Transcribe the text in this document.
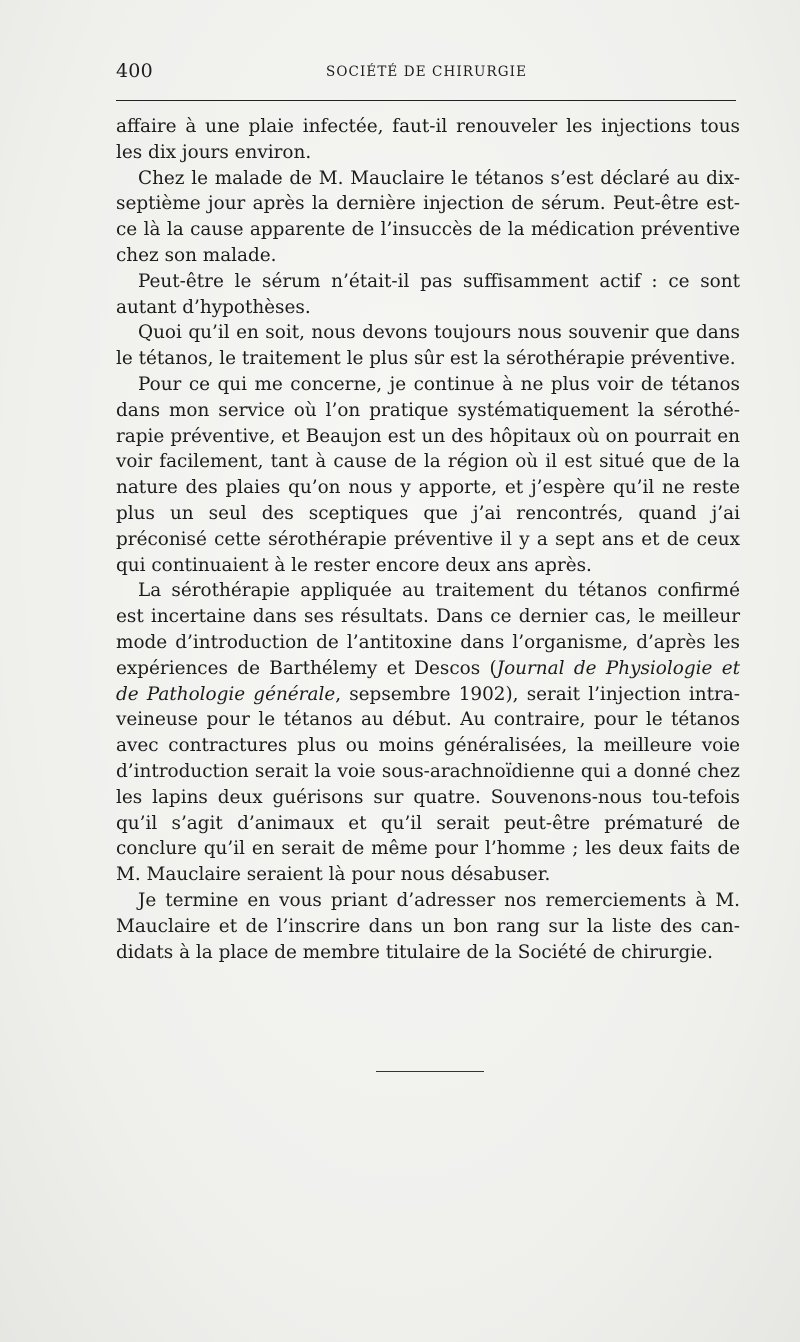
400	SOCIÉTÉ DE CHIRURGIE

affaire à une plaie infectée, faut-il renouveler les injections tous les dix jours environ.

Chez le malade de M. Mauclaire le tétanos s’est déclaré au dix-septième jour après la dernière injection de sérum. Peut-être est-ce là la cause apparente de l’insuccès de la médication préventive chez son malade.

Peut-être le sérum n’était-il pas suffisamment actif : ce sont autant d’hypothèses.

Quoi qu’il en soit, nous devons toujours nous souvenir que dans le tétanos, le traitement le plus sûr est la sérothérapie préventive.

Pour ce qui me concerne, je continue à ne plus voir de tétanos dans mon service où l’on pratique systématiquement la sérothé-rapie préventive, et Beaujon est un des hôpitaux où on pourrait en voir facilement, tant à cause de la région où il est situé que de la nature des plaies qu’on nous y apporte, et j’espère qu’il ne reste plus un seul des sceptiques que j’ai rencontrés, quand j’ai préconisé cette sérothérapie préventive il y a sept ans et de ceux qui continuaient à le rester encore deux ans après.

La sérothérapie appliquée au traitement du tétanos confirmé est incertaine dans ses résultats. Dans ce dernier cas, le meilleur mode d’introduction de l’antitoxine dans l’organisme, d’après les expériences de Barthélemy et Descos (Journal de Physiologie et de Pathologie générale, sepsembre 1902), serait l’injection intra-veineuse pour le tétanos au début. Au contraire, pour le tétanos avec contractures plus ou moins généralisées, la meilleure voie d’introduction serait la voie sous-arachnoïdienne qui a donné chez les lapins deux guérisons sur quatre. Souvenons-nous tou-tefois qu’il s’agit d’animaux et qu’il serait peut-être prématuré de conclure qu’il en serait de même pour l’homme ; les deux faits de M. Mauclaire seraient là pour nous désabuser.

Je termine en vous priant d’adresser nos remerciements à M. Mauclaire et de l’inscrire dans un bon rang sur la liste des can-didats à la place de membre titulaire de la Société de chirurgie.
